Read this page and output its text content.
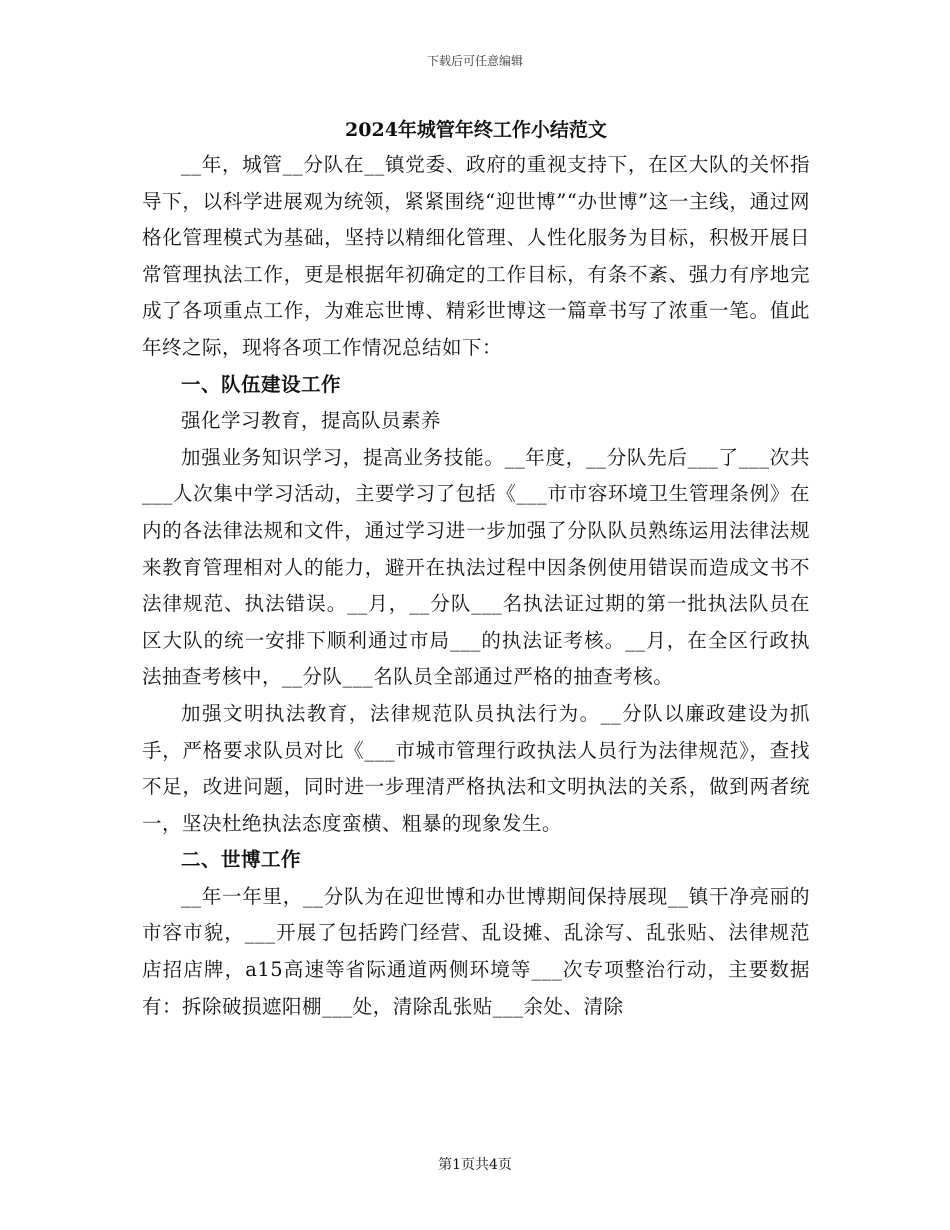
下载后可任意编辑
2024年城管年终工作小结范文

__年，城管__分队在__镇党委、政府的重视支持下，在区大队的关怀指导下，以科学进展观为统领，紧紧围绕“迎世博”“办世博”这一主线，通过网格化管理模式为基础，坚持以精细化管理、人性化服务为目标，积极开展日常管理执法工作，更是根据年初确定的工作目标，有条不紊、强力有序地完成了各项重点工作，为难忘世博、精彩世博这一篇章书写了浓重一笔。值此年终之际，现将各项工作情况总结如下：

一、队伍建设工作

强化学习教育，提高队员素养

加强业务知识学习，提高业务技能。__年度，__分队先后___了___次共___人次集中学习活动，主要学习了包括《___市市容环境卫生管理条例》在内的各法律法规和文件，通过学习进一步加强了分队队员熟练运用法律法规来教育管理相对人的能力，避开在执法过程中因条例使用错误而造成文书不法律规范、执法错误。__月，__分队___名执法证过期的第一批执法队员在区大队的统一安排下顺利通过市局___的执法证考核。__月，在全区行政执法抽查考核中，__分队___名队员全部通过严格的抽查考核。

加强文明执法教育，法律规范队员执法行为。__分队以廉政建设为抓手，严格要求队员对比《___市城市管理行政执法人员行为法律规范》，查找不足，改进问题，同时进一步理清严格执法和文明执法的关系，做到两者统一，坚决杜绝执法态度蛮横、粗暴的现象发生。

二、世博工作

__年一年里，__分队为在迎世博和办世博期间保持展现__镇干净亮丽的市容市貌，___开展了包括跨门经营、乱设摊、乱涂写、乱张贴、法律规范店招店牌，a15高速等省际通道两侧环境等___次专项整治行动，主要数据有：拆除破损遮阳棚___处，清除乱张贴___余处、清除

第1页共4页
